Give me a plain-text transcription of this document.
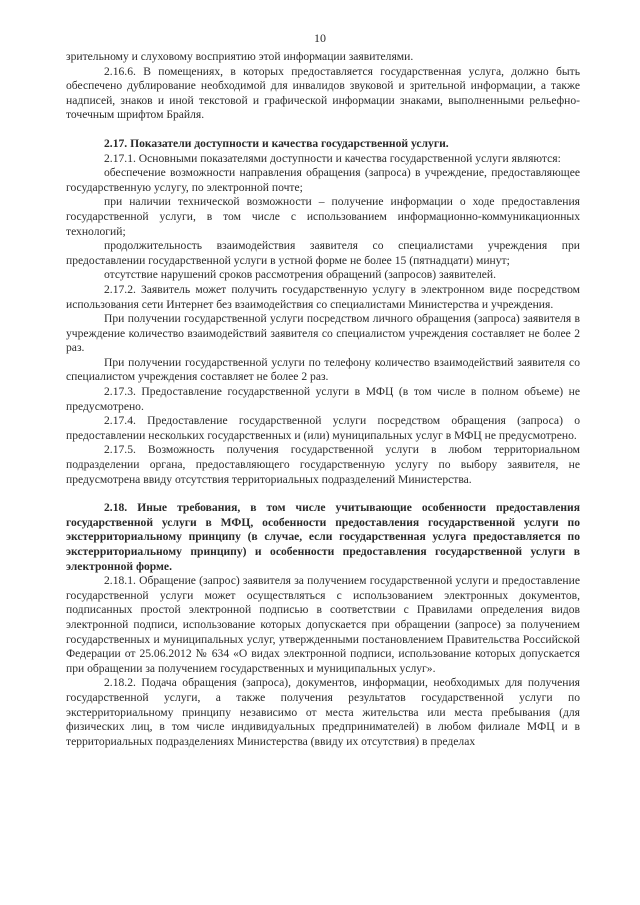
10

зрительному и слуховому восприятию этой информации заявителями.

2.16.6. В помещениях, в которых предоставляется государственная услуга, должно быть обеспечено дублирование необходимой для инвалидов звуковой и зрительной информации, а также надписей, знаков и иной текстовой и графической информации знаками, выполненными рельефно-точечным шрифтом Брайля.

2.17. Показатели доступности и качества государственной услуги.

2.17.1. Основными показателями доступности и качества государственной услуги являются:

обеспечение возможности направления обращения (запроса) в учреждение, предоставляющее государственную услугу, по электронной почте;

при наличии технической возможности – получение информации о ходе предоставления государственной услуги, в том числе с использованием информационно-коммуникационных технологий;

продолжительность взаимодействия заявителя со специалистами учреждения при предоставлении государственной услуги в устной форме не более 15 (пятнадцати) минут;

отсутствие нарушений сроков рассмотрения обращений (запросов) заявителей.

2.17.2. Заявитель может получить государственную услугу в электронном виде посредством использования сети Интернет без взаимодействия со специалистами Министерства и учреждения.

При получении государственной услуги посредством личного обращения (запроса) заявителя в учреждение количество взаимодействий заявителя со специалистом учреждения составляет не более 2 раз.

При получении государственной услуги по телефону количество взаимодействий заявителя со специалистом учреждения составляет не более 2 раз.

2.17.3. Предоставление государственной услуги в МФЦ (в том числе в полном объеме) не предусмотрено.

2.17.4. Предоставление государственной услуги посредством обращения (запроса) о предоставлении нескольких государственных и (или) муниципальных услуг в МФЦ не предусмотрено.

2.17.5. Возможность получения государственной услуги в любом территориальном подразделении органа, предоставляющего государственную услугу по выбору заявителя, не предусмотрена ввиду отсутствия территориальных подразделений Министерства.

2.18. Иные требования, в том числе учитывающие особенности предоставления государственной услуги в МФЦ, особенности предоставления государственной услуги по экстерриториальному принципу (в случае, если государственная услуга предоставляется по экстерриториальному принципу) и особенности предоставления государственной услуги в электронной форме.

2.18.1. Обращение (запрос) заявителя за получением государственной услуги и предоставление государственной услуги может осуществляться с использованием электронных документов, подписанных простой электронной подписью в соответствии с Правилами определения видов электронной подписи, использование которых допускается при обращении (запросе) за получением государственных и муниципальных услуг, утвержденными постановлением Правительства Российской Федерации от 25.06.2012 № 634 «О видах электронной подписи, использование которых допускается при обращении за получением государственных и муниципальных услуг».

2.18.2. Подача обращения (запроса), документов, информации, необходимых для получения государственной услуги, а также получения результатов государственной услуги по экстерриториальному принципу независимо от места жительства или места пребывания (для физических лиц, в том числе индивидуальных предпринимателей) в любом филиале МФЦ и в территориальных подразделениях Министерства (ввиду их отсутствия) в пределах
